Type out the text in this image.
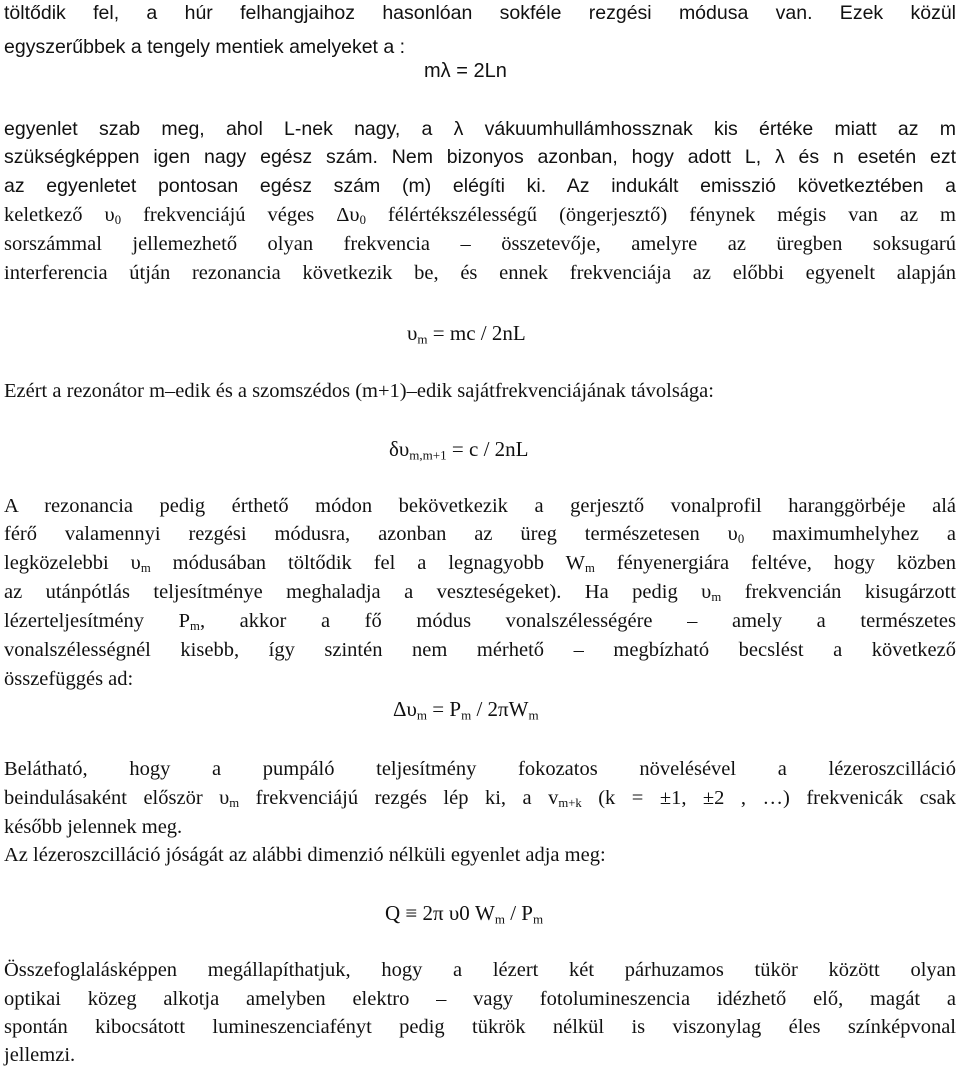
töltődik fel, a húr felhangjaihoz hasonlóan sokféle rezgési módusa van. Ezek közül
egyszerűbbek a tengely mentiek amelyeket a :
mλ = 2Ln
egyenlet szab meg, ahol L-nek nagy, a λ vákuumhullámhossznak kis értéke miatt az m
szükségképpen igen nagy egész szám. Nem bizonyos azonban, hogy adott L, λ és n esetén ezt
az egyenletet pontosan egész szám (m) elégíti ki. Az indukált emisszió következtében a
keletkező $\upsilon_0$ frekvenciájú véges $\Delta\upsilon_0$ félértékszélességű (öngerjesztő) fénynek mégis van az m
sorszámmal jellemezhető olyan frekvencia – összetevője, amelyre az üregben soksugarú
interferencia útján rezonancia következik be, és ennek frekvenciája az előbbi egyenelt alapján
$\upsilon_m$ = mc / 2nL
Ezért a rezonátor m–edik és a szomszédos (m+1)–edik sajátfrekvenciájának távolsága:
$\delta\upsilon_{m,m+1} = c / 2nL$
A rezonancia pedig érthető módon bekövetkezik a gerjesztő vonalprofil haranggörbéje alá
férő valamennyi rezgési módusra, azonban az üreg természetesen $\upsilon_0$ maximumhelyhez a
legközelebbi $\upsilon_m$ módusában töltődik fel a legnagyobb $W_m$ fényenergiára feltéve, hogy közben
az utánpótlás teljesítménye meghaladja a veszteségeket). Ha pedig $\upsilon_m$ frekvencián kisugárzott
lézerteljesítmény $P_m$, akkor a fő módus vonalszélességére – amely a természetes
vonalszélességnél kisebb, így szintén nem mérhető – megbízható becslést a következő
összefüggés ad:
$\Delta\upsilon_m = P_m / 2\pi W_m$
Belátható, hogy a pumpáló teljesítmény fokozatos növelésével a lézeroszcilláció
beindulásaként először $\upsilon_m$ frekvenciájú rezgés lép ki, a $v_{m+k}$ (k = ±1, ±2 , …) frekvenicák csak
később jelennek meg.
Az lézeroszcilláció jóságát az alábbi dimenzió nélküli egyenlet adja meg:
Q ≡ 2π υ0 $W_m / P_m$
Összefoglalásképpen megállapíthatjuk, hogy a lézert két párhuzamos tükör között olyan
optikai közeg alkotja amelyben elektro – vagy fotolumineszencia idézhető elő, magát a
spontán kibocsátott lumineszenciafényt pedig tükrök nélkül is viszonylag éles színképvonal
jellemzi.
